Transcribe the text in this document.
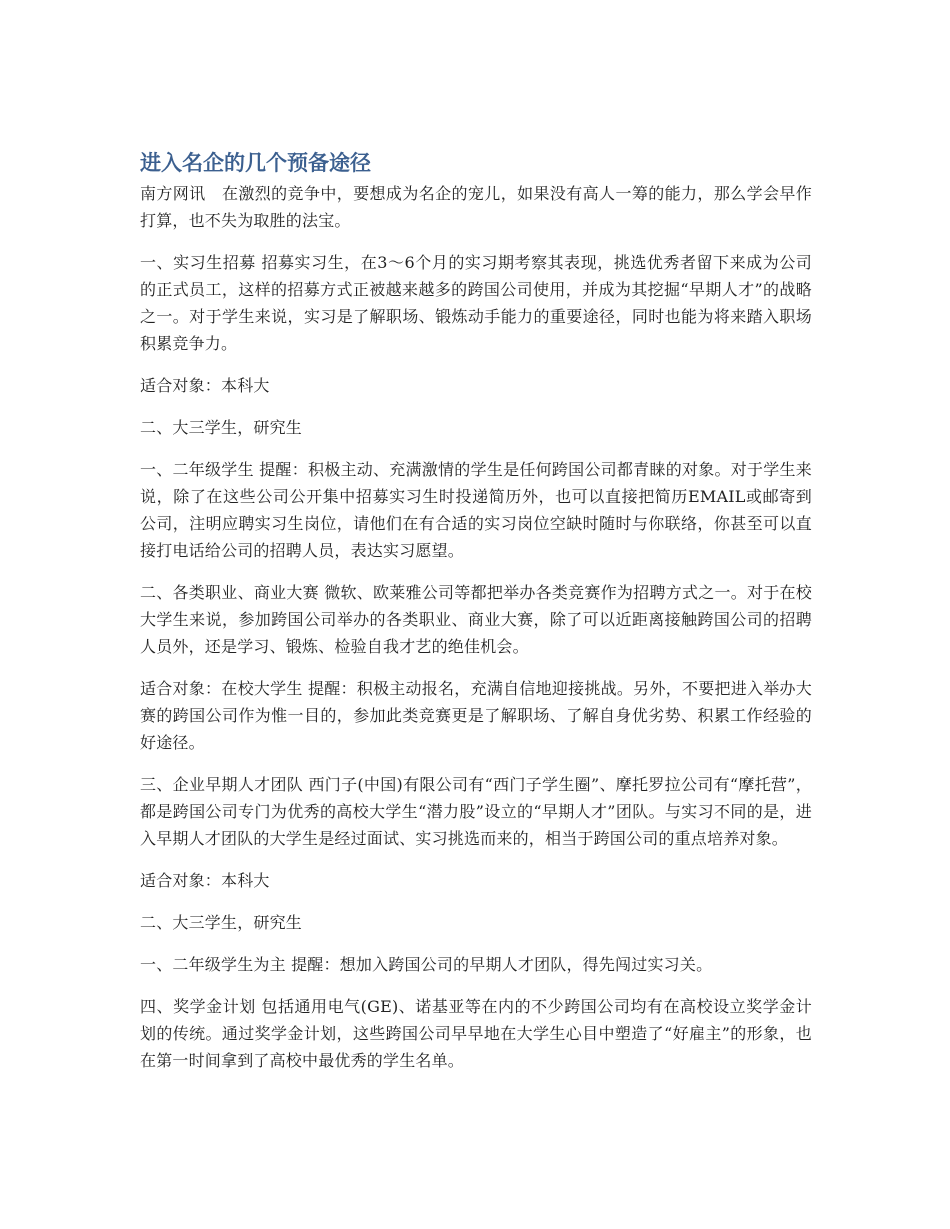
进入名企的几个预备途径

南方网讯　在激烈的竞争中，要想成为名企的宠儿，如果没有高人一筹的能力，那么学会早作打算，也不失为取胜的法宝。

一、实习生招募 招募实习生，在3～6个月的实习期考察其表现，挑选优秀者留下来成为公司的正式员工，这样的招募方式正被越来越多的跨国公司使用，并成为其挖掘“早期人才”的战略之一。对于学生来说，实习是了解职场、锻炼动手能力的重要途径，同时也能为将来踏入职场积累竞争力。

适合对象：本科大

二、大三学生，研究生

一、二年级学生 提醒：积极主动、充满激情的学生是任何跨国公司都青睐的对象。对于学生来说，除了在这些公司公开集中招募实习生时投递简历外，也可以直接把简历EMAIL或邮寄到公司，注明应聘实习生岗位，请他们在有合适的实习岗位空缺时随时与你联络，你甚至可以直接打电话给公司的招聘人员，表达实习愿望。

二、各类职业、商业大赛 微软、欧莱雅公司等都把举办各类竞赛作为招聘方式之一。对于在校大学生来说，参加跨国公司举办的各类职业、商业大赛，除了可以近距离接触跨国公司的招聘人员外，还是学习、锻炼、检验自我才艺的绝佳机会。

适合对象：在校大学生 提醒：积极主动报名，充满自信地迎接挑战。另外，不要把进入举办大赛的跨国公司作为惟一目的，参加此类竞赛更是了解职场、了解自身优劣势、积累工作经验的好途径。

三、企业早期人才团队 西门子(中国)有限公司有“西门子学生圈”、摩托罗拉公司有“摩托营”，都是跨国公司专门为优秀的高校大学生“潜力股”设立的“早期人才”团队。与实习不同的是，进入早期人才团队的大学生是经过面试、实习挑选而来的，相当于跨国公司的重点培养对象。

适合对象：本科大

二、大三学生，研究生

一、二年级学生为主 提醒：想加入跨国公司的早期人才团队，得先闯过实习关。

四、奖学金计划 包括通用电气(GE)、诺基亚等在内的不少跨国公司均有在高校设立奖学金计划的传统。通过奖学金计划，这些跨国公司早早地在大学生心目中塑造了“好雇主”的形象，也在第一时间拿到了高校中最优秀的学生名单。
